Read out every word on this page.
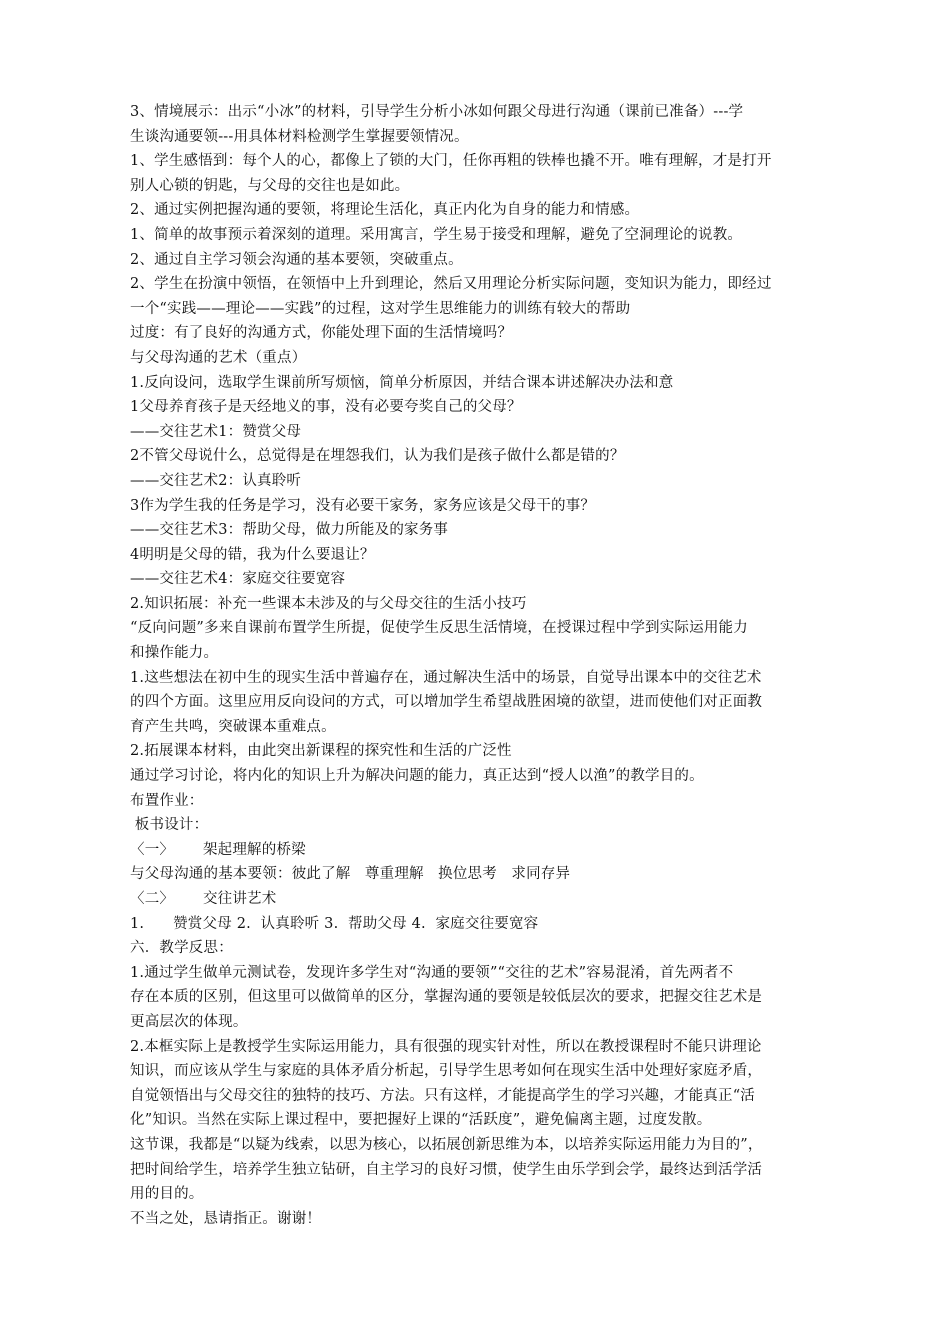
3、情境展示：出示“小冰”的材料，引导学生分析小冰如何跟父母进行沟通（课前已准备）---学
生谈沟通要领---用具体材料检测学生掌握要领情况。
1、学生感悟到：每个人的心，都像上了锁的大门，任你再粗的铁棒也撬不开。唯有理解，才是打开
别人心锁的钥匙，与父母的交往也是如此。
2、通过实例把握沟通的要领，将理论生活化，真正内化为自身的能力和情感。
1、简单的故事预示着深刻的道理。采用寓言，学生易于接受和理解，避免了空洞理论的说教。
2、通过自主学习领会沟通的基本要领，突破重点。
2、学生在扮演中领悟，在领悟中上升到理论，然后又用理论分析实际问题，变知识为能力，即经过
一个“实践——理论——实践”的过程，这对学生思维能力的训练有较大的帮助
过度：有了良好的沟通方式，你能处理下面的生活情境吗？
与父母沟通的艺术（重点）
1.反向设问，选取学生课前所写烦恼，简单分析原因，并结合课本讲述解决办法和意
1父母养育孩子是天经地义的事，没有必要夸奖自己的父母？
——交往艺术1：赞赏父母
2不管父母说什么，总觉得是在埋怨我们，认为我们是孩子做什么都是错的？
——交往艺术2：认真聆听
3作为学生我的任务是学习，没有必要干家务，家务应该是父母干的事？
——交往艺术3：帮助父母，做力所能及的家务事
4明明是父母的错，我为什么要退让？
——交往艺术4：家庭交往要宽容
2.知识拓展：补充一些课本未涉及的与父母交往的生活小技巧
“反向问题”多来自课前布置学生所提，促使学生反思生活情境，在授课过程中学到实际运用能力
和操作能力。
1.这些想法在初中生的现实生活中普遍存在，通过解决生活中的场景，自觉导出课本中的交往艺术
的四个方面。这里应用反向设问的方式，可以增加学生希望战胜困境的欲望，进而使他们对正面教
育产生共鸣，突破课本重难点。
2.拓展课本材料，由此突出新课程的探究性和生活的广泛性
通过学习讨论，将内化的知识上升为解决问题的能力，真正达到“授人以渔”的教学目的。
布置作业：
板书设计：
〈一〉      架起理解的桥梁
与父母沟通的基本要领：彼此了解   尊重理解   换位思考   求同存异
〈二〉      交往讲艺术
1.      赞赏父母 2.  认真聆听 3.  帮助父母 4.  家庭交往要宽容
六．教学反思：
1.通过学生做单元测试卷，发现许多学生对“沟通的要领”“交往的艺术”容易混淆，首先两者不
存在本质的区别，但这里可以做简单的区分，掌握沟通的要领是较低层次的要求，把握交往艺术是
更高层次的体现。
2.本框实际上是教授学生实际运用能力，具有很强的现实针对性，所以在教授课程时不能只讲理论
知识，而应该从学生与家庭的具体矛盾分析起，引导学生思考如何在现实生活中处理好家庭矛盾，
自觉领悟出与父母交往的独特的技巧、方法。只有这样，才能提高学生的学习兴趣，才能真正“活
化”知识。当然在实际上课过程中，要把握好上课的“活跃度”，避免偏离主题，过度发散。
这节课，我都是“以疑为线索，以思为核心，以拓展创新思维为本，以培养实际运用能力为目的”，
把时间给学生，培养学生独立钻研，自主学习的良好习惯，使学生由乐学到会学，最终达到活学活
用的目的。
不当之处，恳请指正。谢谢！
